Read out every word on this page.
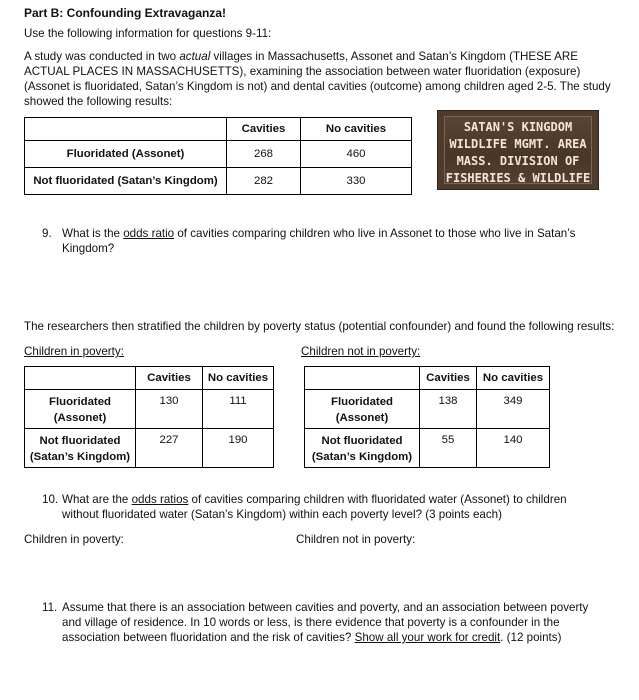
Part B: Confounding Extravaganza!
Use the following information for questions 9-11:
A study was conducted in two actual villages in Massachusetts, Assonet and Satan’s Kingdom (THESE ARE ACTUAL PLACES IN MASSACHUSETTS), examining the association between water fluoridation (exposure) (Assonet is fluoridated, Satan’s Kingdom is not) and dental cavities (outcome) among children aged 2-5. The study showed the following results:
	Cavities	No cavities
Fluoridated (Assonet)	268	460
Not fluoridated (Satan’s Kingdom)	282	330
SATAN'S KINGDOM
WILDLIFE MGMT. AREA
MASS. DIVISION OF
FISHERIES & WILDLIFE
9. What is the odds ratio of cavities comparing children who live in Assonet to those who live in Satan’s Kingdom?
The researchers then stratified the children by poverty status (potential confounder) and found the following results:
Children in poverty:	Children not in poverty:
	Cavities	No cavities
Fluoridated
(Assonet)	130	111
Not fluoridated
(Satan’s Kingdom)	227	190
	Cavities	No cavities
Fluoridated
(Assonet)	138	349
Not fluoridated
(Satan’s Kingdom)	55	140
10. What are the odds ratios of cavities comparing children with fluoridated water (Assonet) to children without fluoridated water (Satan’s Kingdom) within each poverty level? (3 points each)
Children in poverty:	Children not in poverty:
11. Assume that there is an association between cavities and poverty, and an association between poverty and village of residence. In 10 words or less, is there evidence that poverty is a confounder in the association between fluoridation and the risk of cavities? Show all your work for credit. (12 points)
